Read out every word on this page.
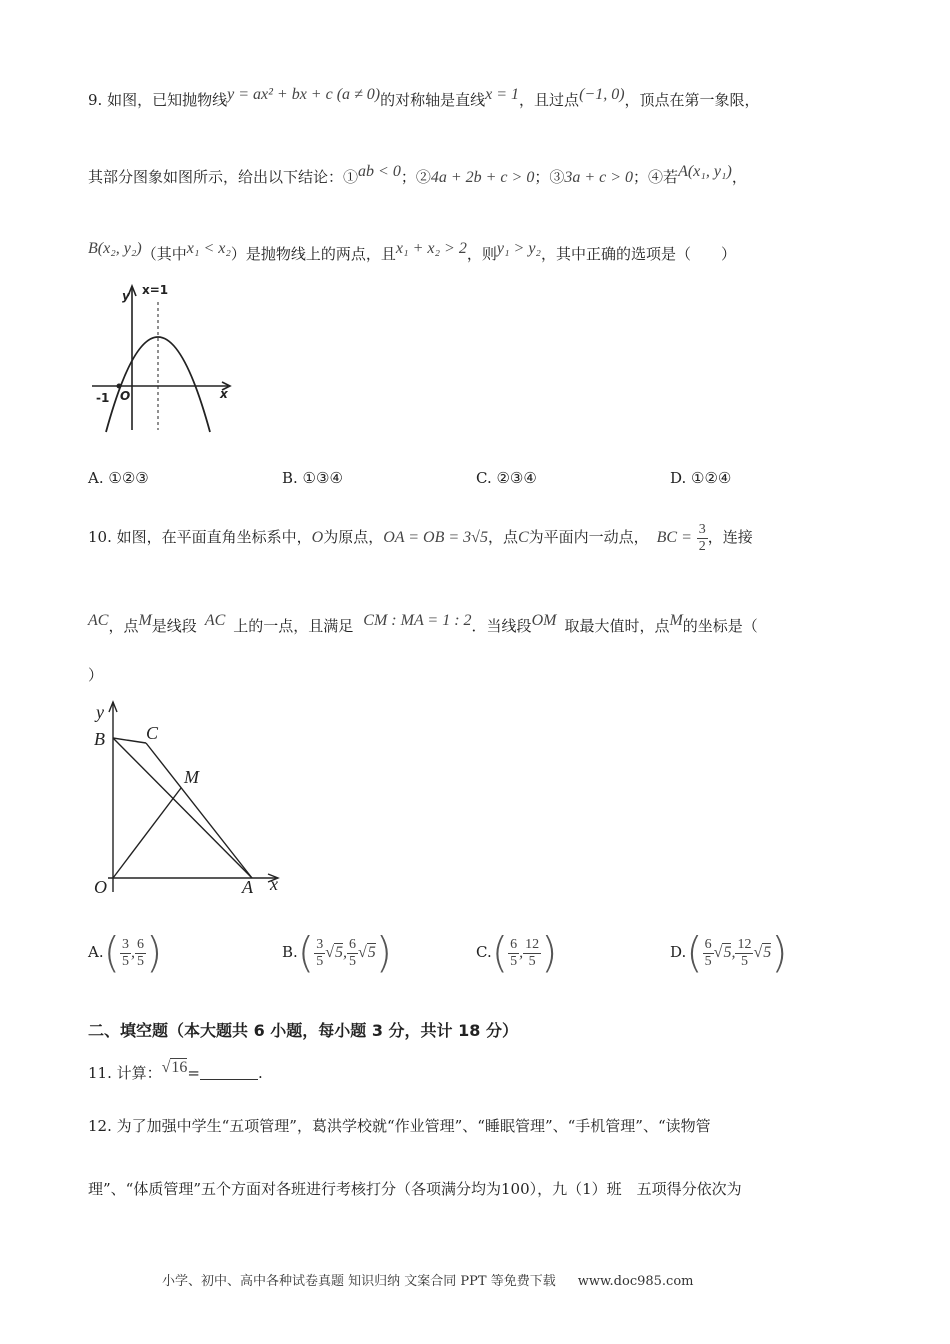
9. 如图，已知抛物线y = ax² + bx + c (a ≠ 0)的对称轴是直线x = 1，且过点(−1, 0)，顶点在第一象限，
其部分图象如图所示，给出以下结论：①ab < 0；②4a + 2b + c > 0；③3a + c > 0；④若A(x₁, y₁)，
B(x₂, y₂)（其中x₁ < x₂）是抛物线上的两点，且x₁ + x₂ > 2，则y₁ > y₂，其中正确的选项是（　　）
y x=1
x
-1 O
A. ①②③	B. ①③④	C. ②③④	D. ①②④
10. 如图，在平面直角坐标系中，O为原点，OA = OB = 3√5，点C为平面内一动点， BC = $\frac{3}{2}$ ，连接
AC，点M是线段 AC 上的一点，且满足 CM : MA = 1 : 2．当线段OM 取最大值时，点M的坐标是（
）
y
x
B C
M
O	A
$A.( \frac{3}{5}$ , $\frac{6}{5}$ )	$B.( \frac{3}{5} √5$, $\frac{6}{5} √5$)	$C.( \frac{6}{5}$ , $\frac{12}{5}$ )	$D.( \frac{6}{5} √5$, $\frac{12}{5} √5$)
二、填空题（本大题共 6 小题，每小题 3 分，共计 18 分）
11. 计算：√16=	.
12. 为了加强中学生“五项管理”，葛洪学校就“作业管理”、“睡眠管理”、“手机管理”、“读物管
理”、“体质管理”五个方面对各班进行考核打分（各项满分均为100），九（1）班　五项得分依次为
小学、初中、高中各种试卷真题 知识归纳 文案合同 PPT 等免费下载 www.doc985.com
